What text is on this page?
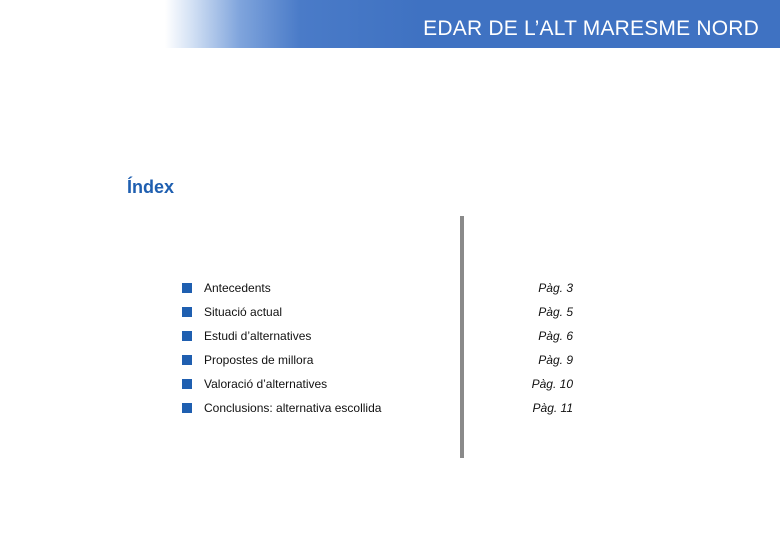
EDAR DE L’ALT MARESME NORD
Índex
Antecedents	Pàg. 3
Situació actual	Pàg. 5
Estudi d’alternatives	Pàg. 6
Propostes de millora	Pàg. 9
Valoració d’alternatives	Pàg. 10
Conclusions: alternativa escollida	Pàg. 11
